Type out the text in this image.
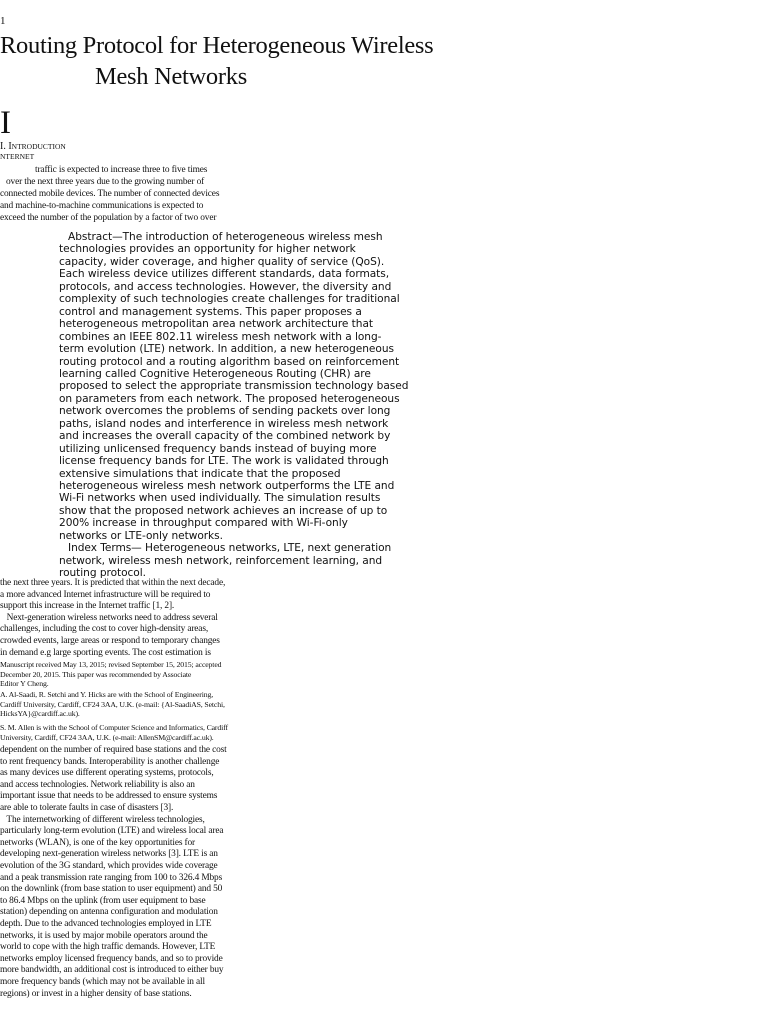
1
Routing Protocol for Heterogeneous Wireless
Mesh Networks
I
I. INTRODUCTION
NTERNET
traffic is expected to increase three to five times
over the next three years due to the growing number of
connected mobile devices. The number of connected devices
and machine-to-machine communications is expected to
exceed the number of the population by a factor of two over
Abstract—The introduction of heterogeneous wireless mesh
technologies provides an opportunity for higher network
capacity, wider coverage, and higher quality of service (QoS).
Each wireless device utilizes different standards, data formats,
protocols, and access technologies. However, the diversity and
complexity of such technologies create challenges for traditional
control and management systems. This paper proposes a
heterogeneous metropolitan area network architecture that
combines an IEEE 802.11 wireless mesh network with a long-
term evolution (LTE) network. In addition, a new heterogeneous
routing protocol and a routing algorithm based on reinforcement
learning called Cognitive Heterogeneous Routing (CHR) are
proposed to select the appropriate transmission technology based
on parameters from each network. The proposed heterogeneous
network overcomes the problems of sending packets over long
paths, island nodes and interference in wireless mesh network
and increases the overall capacity of the combined network by
utilizing unlicensed frequency bands instead of buying more
license frequency bands for LTE. The work is validated through
extensive simulations that indicate that the proposed
heterogeneous wireless mesh network outperforms the LTE and
Wi-Fi networks when used individually. The simulation results
show that the proposed network achieves an increase of up to
200% increase in throughput compared with Wi-Fi-only
networks or LTE-only networks.
Index Terms— Heterogeneous networks, LTE, next generation
network, wireless mesh network, reinforcement learning, and
routing protocol.
the next three years. It is predicted that within the next decade,
a more advanced Internet infrastructure will be required to
support this increase in the Internet traffic [1, 2].
Next-generation wireless networks need to address several
challenges, including the cost to cover high-density areas,
crowded events, large areas or respond to temporary changes
in demand e.g large sporting events. The cost estimation is
Manuscript received May 13, 2015; revised September 15, 2015; accepted
December 20, 2015. This paper was recommended by Associate
Editor Y Cheng.
A. Al-Saadi, R. Setchi and Y. Hicks are with the School of Engineering,
Cardiff University, Cardiff, CF24 3AA, U.K. (e-mail: {Al-SaadiAS, Setchi,
HicksYA}@cardiff.ac.uk).
S. M. Allen is with the School of Computer Science and Informatics, Cardiff
University, Cardiff, CF24 3AA, U.K. (e-mail: AllenSM@cardiff.ac.uk).
dependent on the number of required base stations and the cost
to rent frequency bands. Interoperability is another challenge
as many devices use different operating systems, protocols,
and access technologies. Network reliability is also an
important issue that needs to be addressed to ensure systems
are able to tolerate faults in case of disasters [3].
The internetworking of different wireless technologies,
particularly long-term evolution (LTE) and wireless local area
networks (WLAN), is one of the key opportunities for
developing next-generation wireless networks [3]. LTE is an
evolution of the 3G standard, which provides wide coverage
and a peak transmission rate ranging from 100 to 326.4 Mbps
on the downlink (from base station to user equipment) and 50
to 86.4 Mbps on the uplink (from user equipment to base
station) depending on antenna configuration and modulation
depth. Due to the advanced technologies employed in LTE
networks, it is used by major mobile operators around the
world to cope with the high traffic demands. However, LTE
networks employ licensed frequency bands, and so to provide
more bandwidth, an additional cost is introduced to either buy
more frequency bands (which may not be available in all
regions) or invest in a higher density of base stations.
